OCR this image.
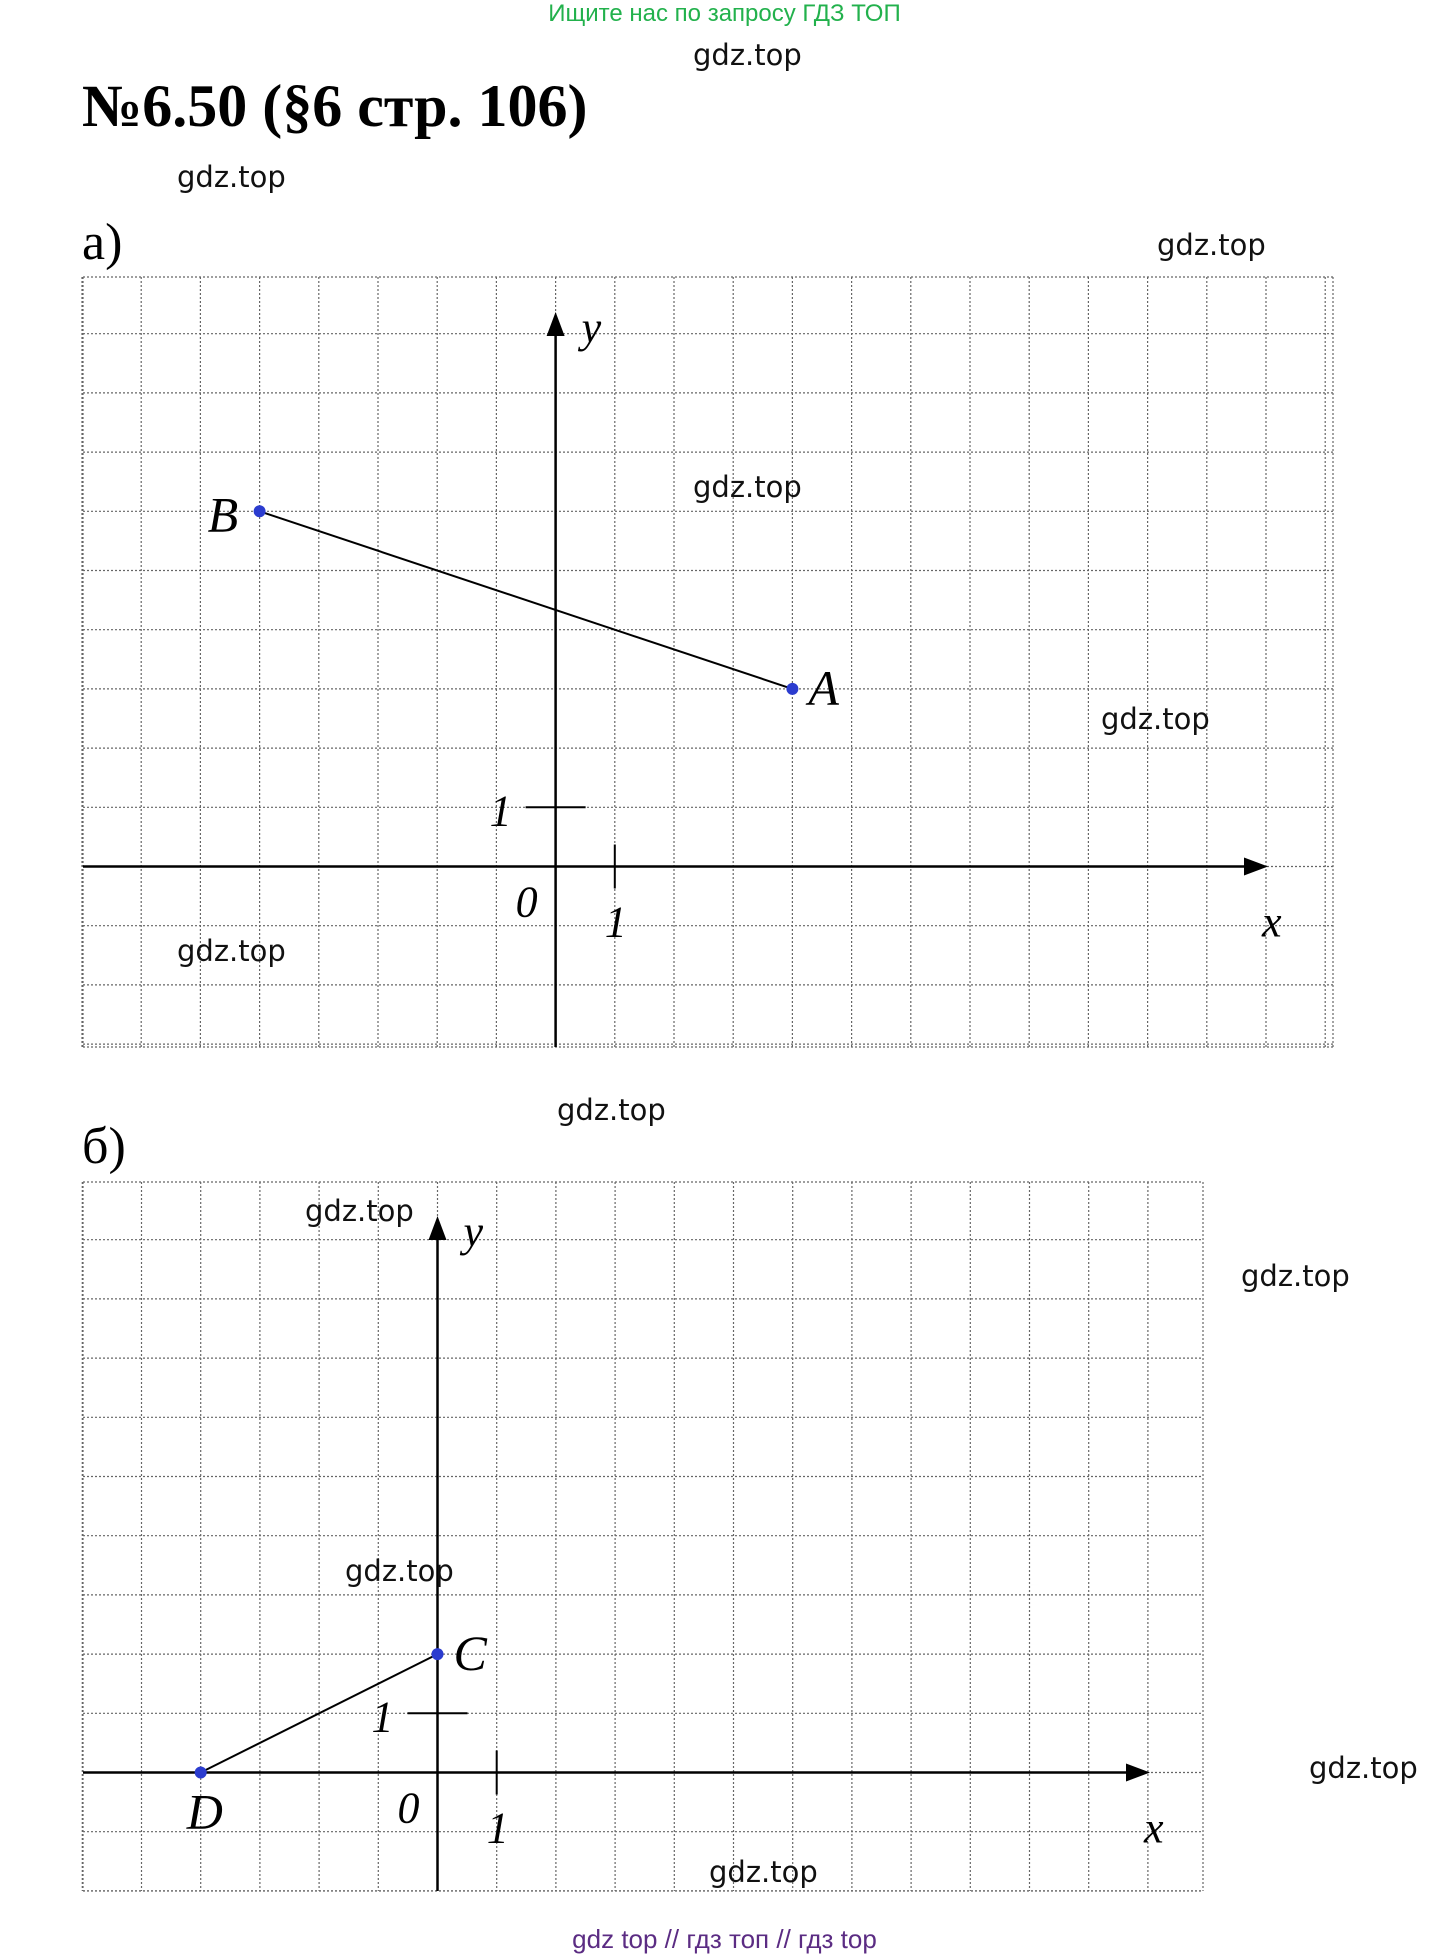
Ищите нас по запросу ГДЗ ТОП
№6.50 (§6 стр. 106)
а)
б)
x
y
0 1
1
A
B
x
y
0 1
1
C
D
gdz.top
gdz.top
gdz.top
gdz.top
gdz.top
gdz.top
gdz.top
gdz.top
gdz.top
gdz.top
gdz.top
gdz.top
gdz top // гдз топ // гдз top
